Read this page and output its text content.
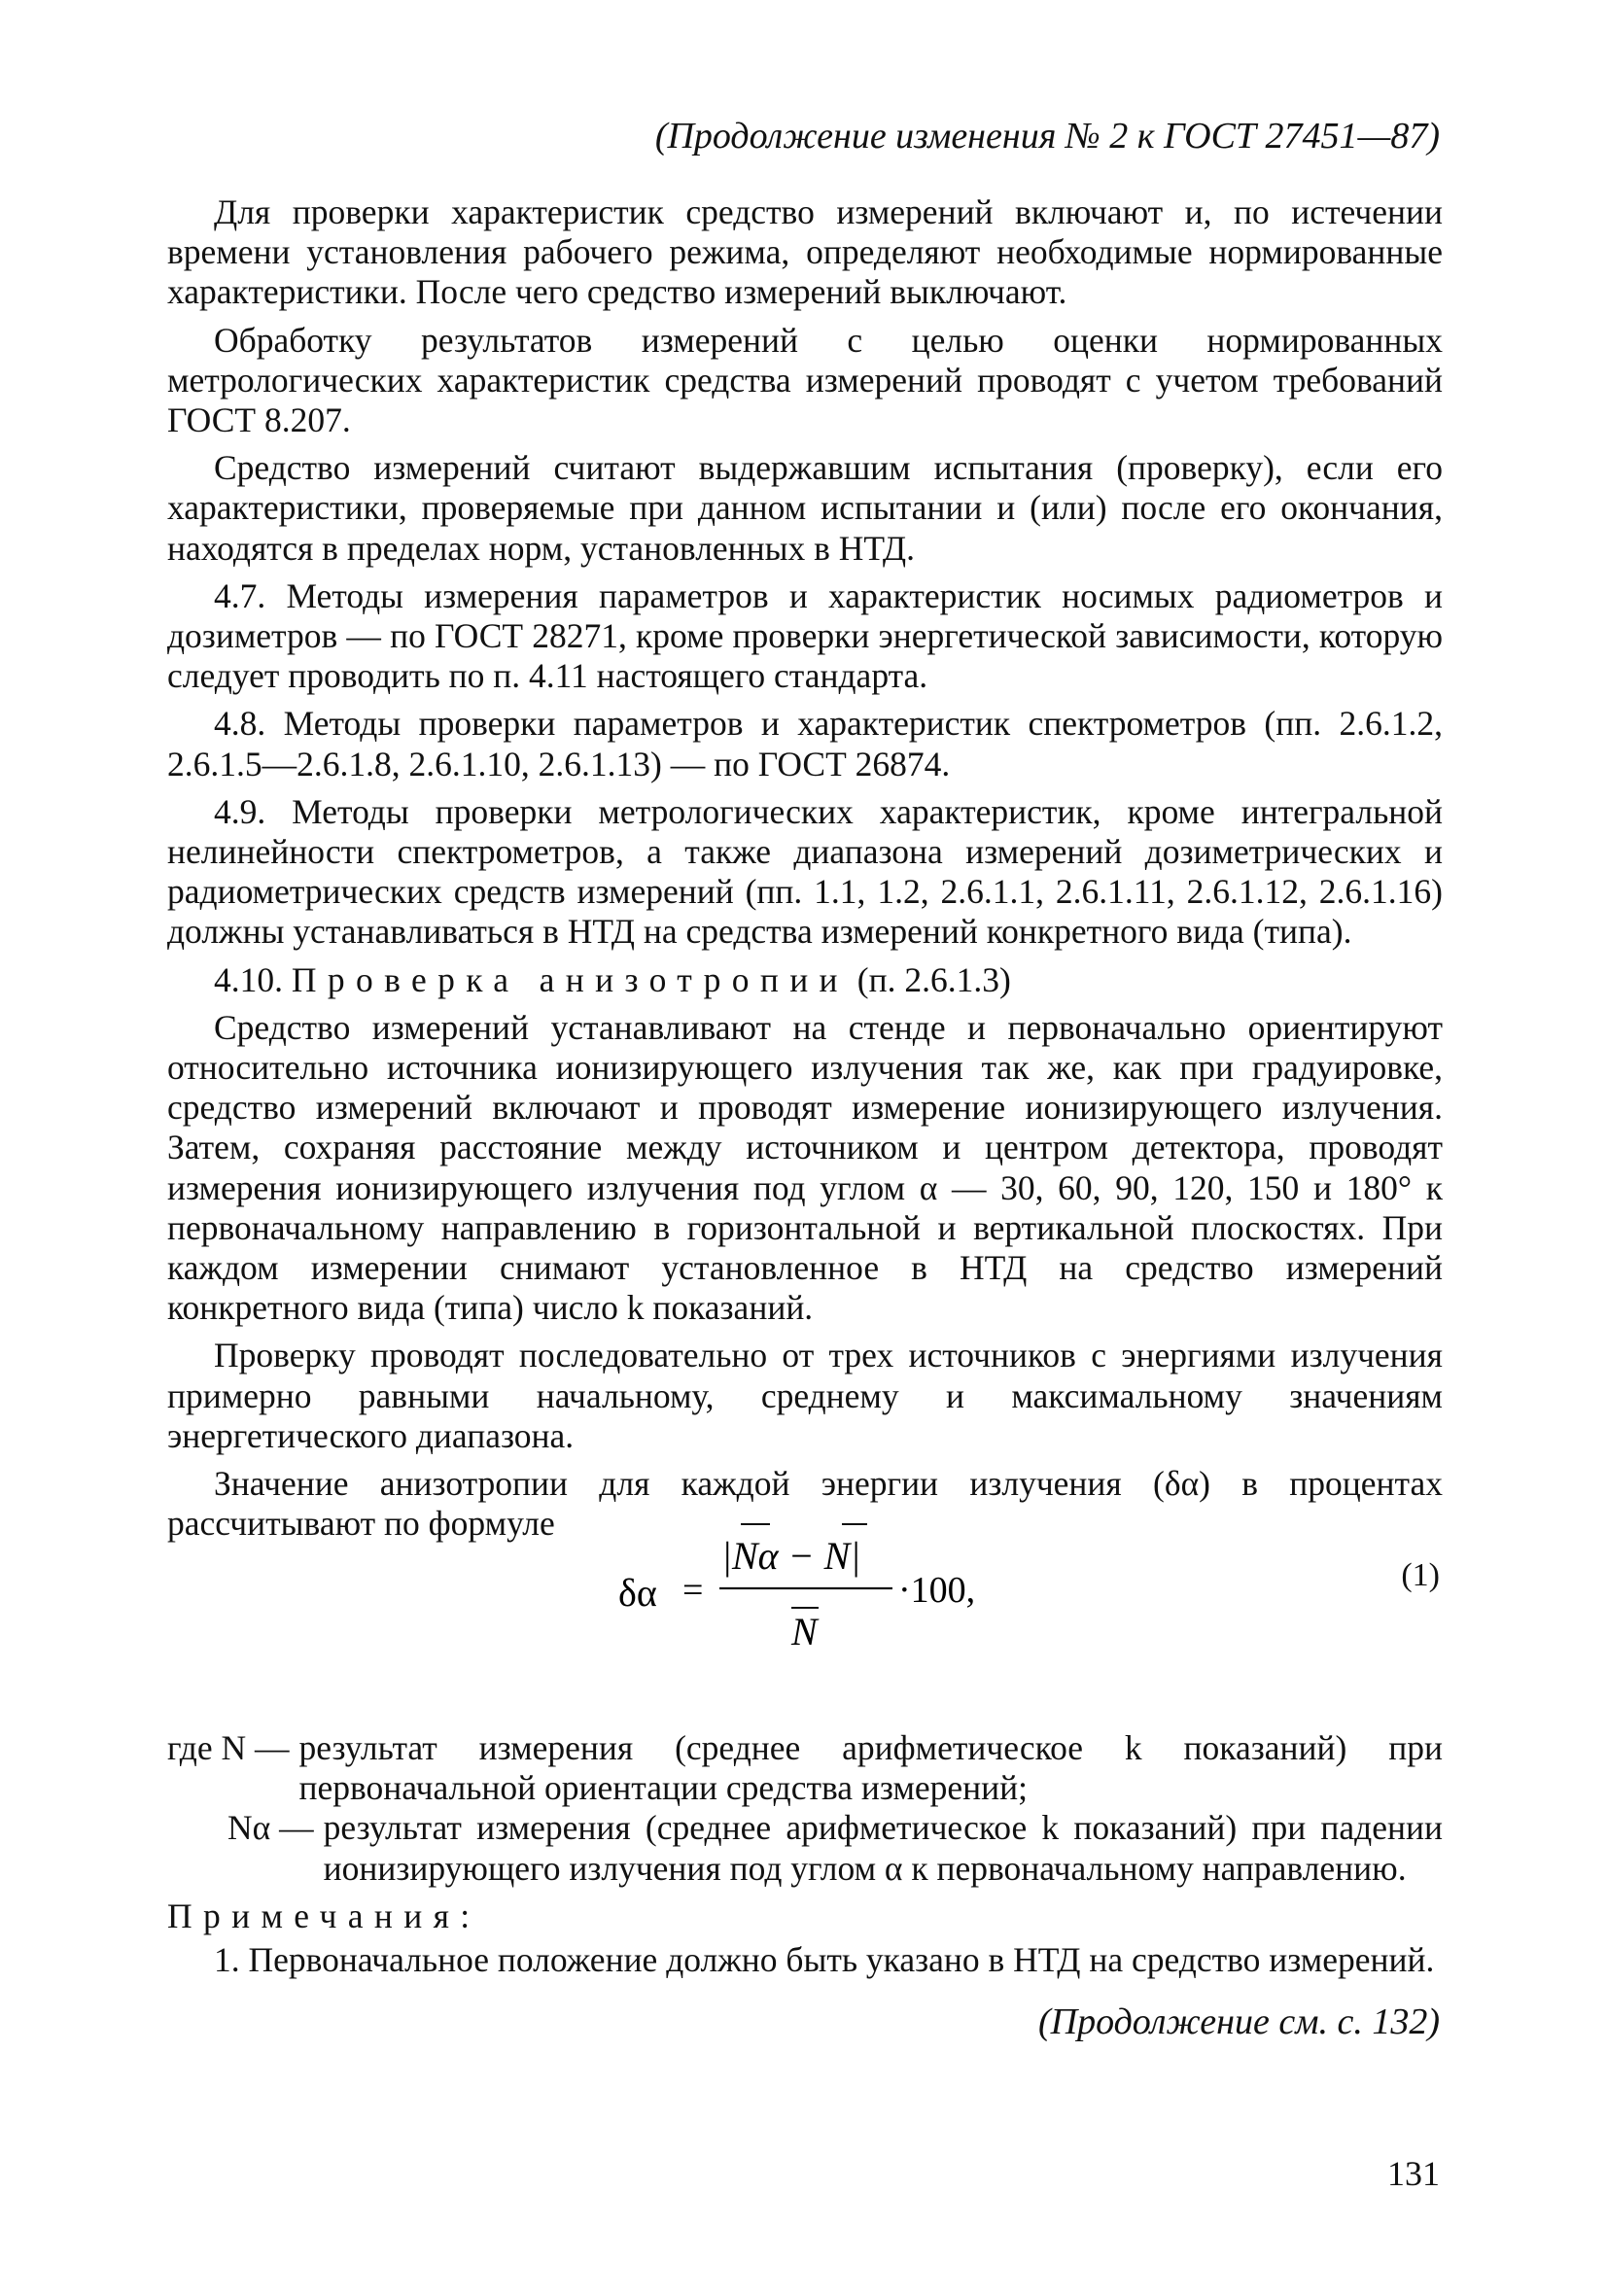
(Продолжение изменения № 2 к ГОСТ 27451—87)

Для проверки характеристик средство измерений включают и, по истечении времени установления рабочего режима, определяют необходимые нормированные характеристики. После чего средство измерений выключают.

Обработку результатов измерений с целью оценки нормированных метрологических характеристик средства измерений проводят с учетом требований ГОСТ 8.207.

Средство измерений считают выдержавшим испытания (проверку), если его характеристики, проверяемые при данном испытании и (или) после его окончания, находятся в пределах норм, установленных в НТД.

4.7. Методы измерения параметров и характеристик носимых радиометров и дозиметров — по ГОСТ 28271, кроме проверки энергетической зависимости, которую следует проводить по п. 4.11 настоящего стандарта.

4.8. Методы проверки параметров и характеристик спектрометров (пп. 2.6.1.2, 2.6.1.5—2.6.1.8, 2.6.1.10, 2.6.1.13) — по ГОСТ 26874.

4.9. Методы проверки метрологических характеристик, кроме интегральной нелинейности спектрометров, а также диапазона измерений дозиметрических и радиометрических средств измерений (пп. 1.1, 1.2, 2.6.1.1, 2.6.1.11, 2.6.1.12, 2.6.1.16) должны устанавливаться в НТД на средства измерений конкретного вида (типа).

4.10. Проверка анизотропии (п. 2.6.1.3)

Средство измерений устанавливают на стенде и первоначально ориентируют относительно источника ионизирующего излучения так же, как при градуировке, средство измерений включают и проводят измерение ионизирующего излучения. Затем, сохраняя расстояние между источником и центром детектора, проводят измерения ионизирующего излучения под углом α — 30, 60, 90, 120, 150 и 180° к первоначальному направлению в горизонтальной и вертикальной плоскостях. При каждом измерении снимают установленное в НТД на средство измерений конкретного вида (типа) число k показаний.

Проверку проводят последовательно от трех источников с энергиями излучения примерно равными начальному, среднему и максимальному значениям энергетического диапазона.

Значение анизотропии для каждой энергии излучения (δα) в процентах рассчитывают по формуле

δα =
|Nα − N|
N
·100,	(1)
где N — результат измерения (среднее арифметическое k показаний) при первоначальной ориентации средства измерений;
Nα — результат измерения (среднее арифметическое k показаний) при падении ионизирующего излучения под углом α к первоначальному направлению.
Примечания:
1. Первоначальное положение должно быть указано в НТД на средство измерений.
(Продолжение см. с. 132)
131
